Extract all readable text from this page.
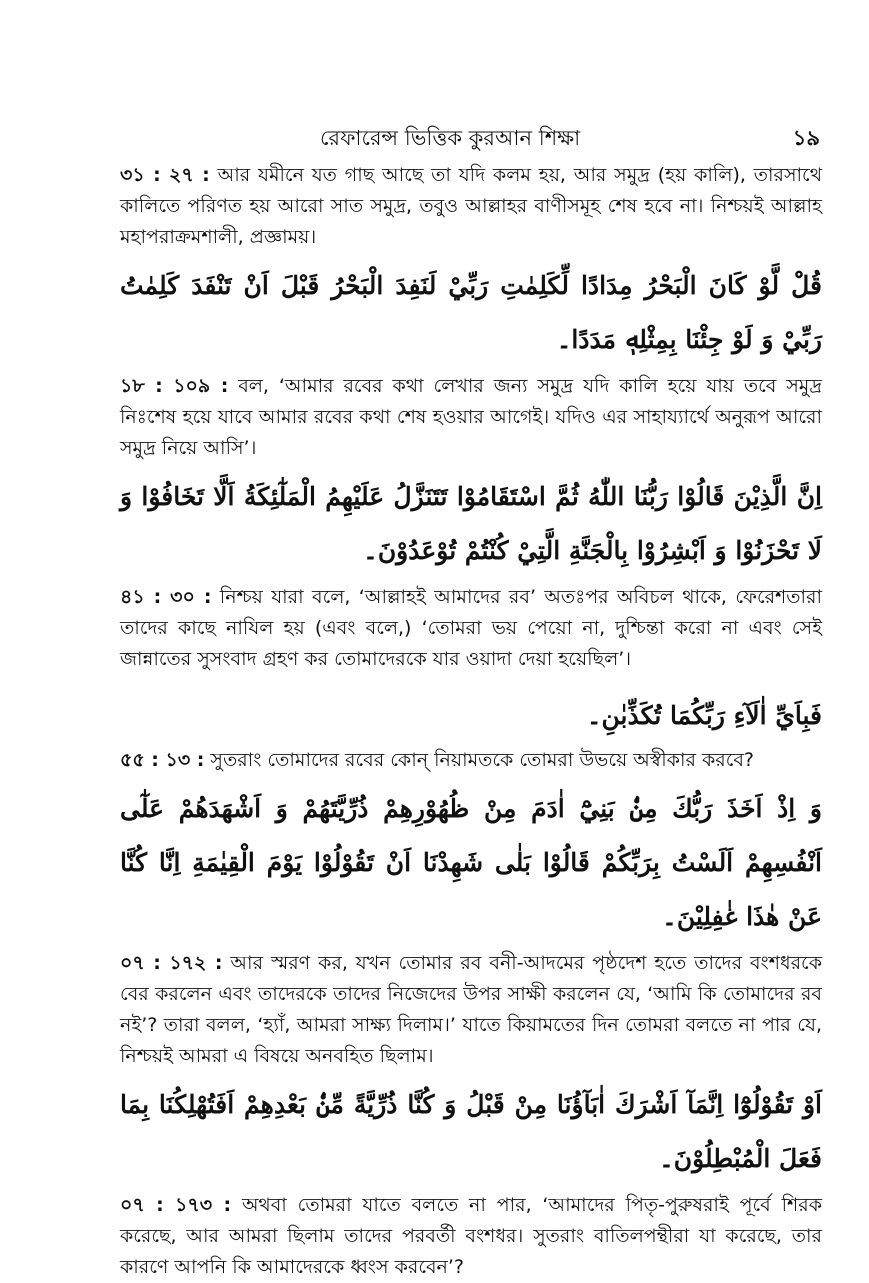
রেফারেন্স ভিত্তিক কুরআন শিক্ষা	১৯

৩১ : ২৭ : আর যমীনে যত গাছ আছে তা যদি কলম হয়, আর সমুদ্র (হয় কালি), তারসাথে কালিতে পরিণত হয় আরো সাত সমুদ্র, তবুও আল্লাহর বাণীসমূহ শেষ হবে না। নিশ্চয়ই আল্লাহ মহাপরাক্রমশালী, প্রজ্ঞাময়।

قُلْ لَّوْ كَانَ الْبَحْرُ مِدَادًا لِّكَلِمٰتِ رَبِّيْ لَنَفِدَ الْبَحْرُ قَبْلَ اَنْ تَنْفَدَ كَلِمٰتُ رَبِّيْ وَ لَوْ جِئْنَا بِمِثْلِهٖ مَدَدًا۔

১৮ : ১০৯ : বল, ‘আমার রবের কথা লেখার জন্য সমুদ্র যদি কালি হয়ে যায় তবে সমুদ্র নিঃশেষ হয়ে যাবে আমার রবের কথা শেষ হওয়ার আগেই। যদিও এর সাহায্যার্থে অনুরূপ আরো সমুদ্র নিয়ে আসি’।

اِنَّ الَّذِيْنَ قَالُوْا رَبُّنَا اللّٰهُ ثُمَّ اسْتَقَامُوْا تَتَنَزَّلُ عَلَيْهِمُ الْمَلٰٓئِكَةُ اَلَّا تَخَافُوْا وَ لَا تَحْزَنُوْا وَ اَبْشِرُوْا بِالْجَنَّةِ الَّتِيْ كُنْتُمْ تُوْعَدُوْنَ۔

৪১ : ৩০ : নিশ্চয় যারা বলে, ‘আল্লাহই আমাদের রব’ অতঃপর অবিচল থাকে, ফেরেশতারা তাদের কাছে নাযিল হয় (এবং বলে,) ‘তোমরা ভয় পেয়ো না, দুশ্চিন্তা করো না এবং সেই জান্নাতের সুসংবাদ গ্রহণ কর তোমাদেরকে যার ওয়াদা দেয়া হয়েছিল’।

فَبِاَيِّ اٰلَآءِ رَبِّكُمَا تُكَذِّبٰنِ۔

৫৫ : ১৩ : সুতরাং তোমাদের রবের কোন্ নিয়ামতকে তোমরা উভয়ে অস্বীকার করবে?

وَ اِذْ اَخَذَ رَبُّكَ مِنْۢ بَنِيْٓ اٰدَمَ مِنْ ظُهُوْرِهِمْ ذُرِّيَّتَهُمْ وَ اَشْهَدَهُمْ عَلٰٓى اَنْفُسِهِمْ اَلَسْتُ بِرَبِّكُمْ قَالُوْا بَلٰى شَهِدْنَا اَنْ تَقُوْلُوْا يَوْمَ الْقِيٰمَةِ اِنَّا كُنَّا عَنْ هٰذَا غٰفِلِيْنَ۔

০৭ : ১৭২ : আর স্মরণ কর, যখন তোমার রব বনী-আদমের পৃষ্ঠদেশ হতে তাদের বংশধরকে বের করলেন এবং তাদেরকে তাদের নিজেদের উপর সাক্ষী করলেন যে, ‘আমি কি তোমাদের রব নই’? তারা বলল, ‘হ্যাঁ, আমরা সাক্ষ্য দিলাম।’ যাতে কিয়ামতের দিন তোমরা বলতে না পার যে, নিশ্চয়ই আমরা এ বিষয়ে অনবহিত ছিলাম।

اَوْ تَقُوْلُوْٓا اِنَّمَآ اَشْرَكَ اٰبَآؤُنَا مِنْ قَبْلُ وَ كُنَّا ذُرِّيَّةً مِّنْۢ بَعْدِهِمْ اَفَتُهْلِكُنَا بِمَا فَعَلَ الْمُبْطِلُوْنَ۔

০৭ : ১৭৩ : অথবা তোমরা যাতে বলতে না পার, ‘আমাদের পিতৃ-পুরুষরাই পূর্বে শিরক করেছে, আর আমরা ছিলাম তাদের পরবর্তী বংশধর। সুতরাং বাতিলপন্থীরা যা করেছে, তার কারণে আপনি কি আমাদেরকে ধ্বংস করবেন’?
